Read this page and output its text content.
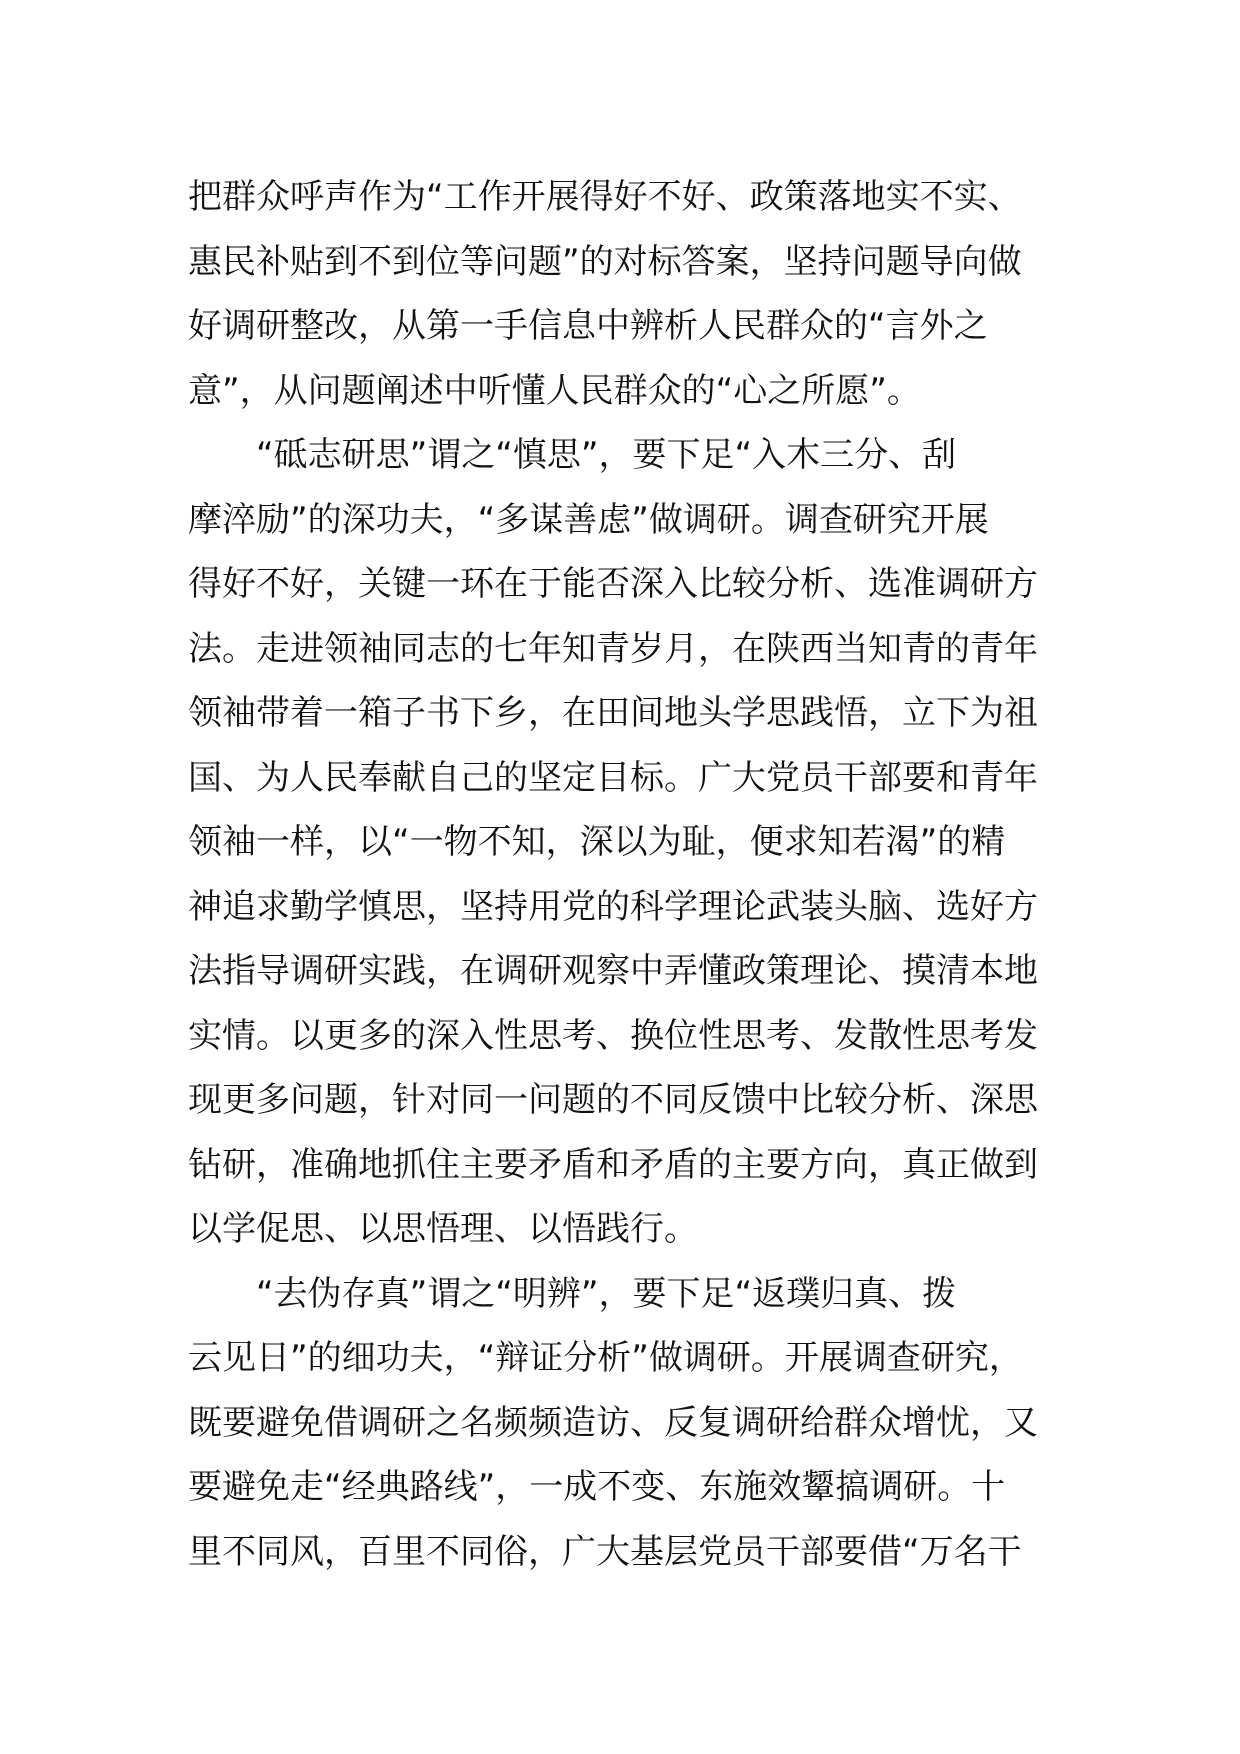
把群众呼声作为“工作开展得好不好、政策落地实不实、
惠民补贴到不到位等问题”的对标答案，坚持问题导向做
好调研整改，从第一手信息中辨析人民群众的“言外之
意”，从问题阐述中听懂人民群众的“心之所愿”。
“砥志研思”谓之“慎思”，要下足“入木三分、刮
摩淬励”的深功夫，“多谋善虑”做调研。调查研究开展
得好不好，关键一环在于能否深入比较分析、选准调研方
法。走进领袖同志的七年知青岁月，在陕西当知青的青年
领袖带着一箱子书下乡，在田间地头学思践悟，立下为祖
国、为人民奉献自己的坚定目标。广大党员干部要和青年
领袖一样，以“一物不知，深以为耻，便求知若渴”的精
神追求勤学慎思，坚持用党的科学理论武装头脑、选好方
法指导调研实践，在调研观察中弄懂政策理论、摸清本地
实情。以更多的深入性思考、换位性思考、发散性思考发
现更多问题，针对同一问题的不同反馈中比较分析、深思
钻研，准确地抓住主要矛盾和矛盾的主要方向，真正做到
以学促思、以思悟理、以悟践行。
“去伪存真”谓之“明辨”，要下足“返璞归真、拨
云见日”的细功夫，“辩证分析”做调研。开展调查研究，
既要避免借调研之名频频造访、反复调研给群众增忧，又
要避免走“经典路线”，一成不变、东施效颦搞调研。十
里不同风，百里不同俗，广大基层党员干部要借“万名干
